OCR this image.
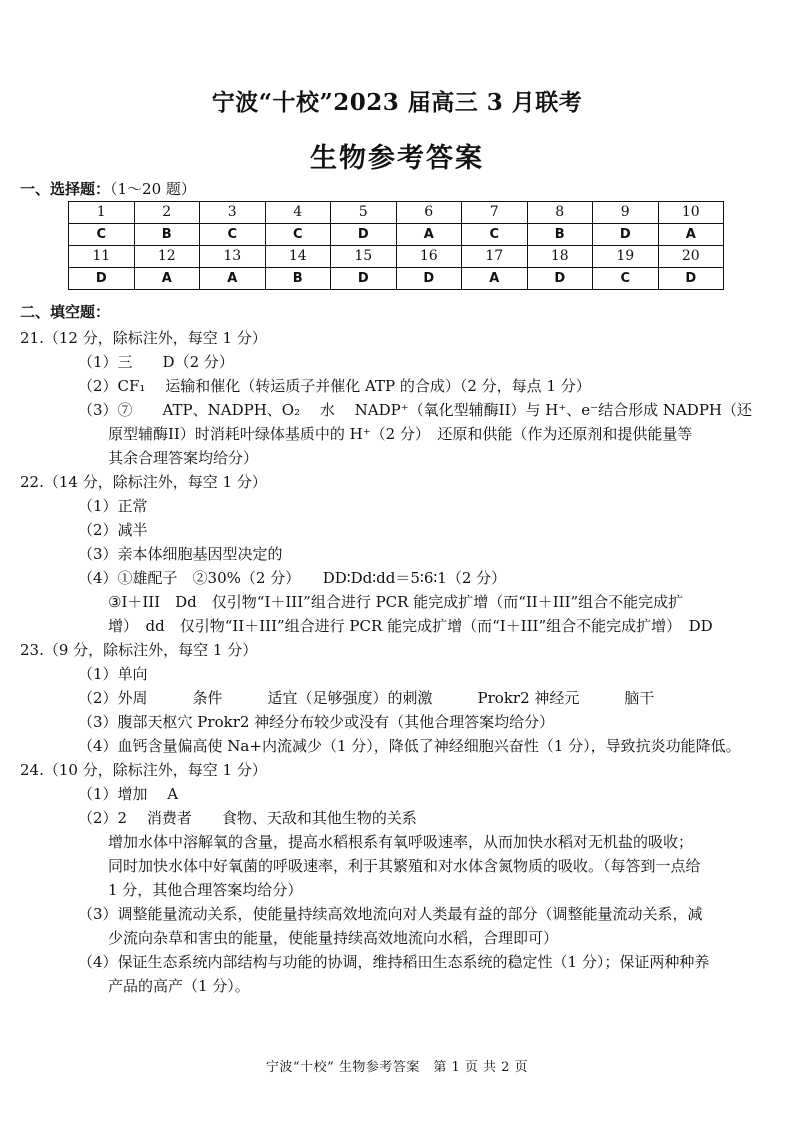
宁波“十校”2023 届高三 3 月联考
生物参考答案
一、选择题：（1～20 题）
1	2	3	4	5	6	7	8	9	10
C	B	C	C	D	A	C	B	D	A
11	12	13	14	15	16	17	18	19	20
D	A	A	B	D	D	A	D	C	D
二、填空题：
21.（12 分，除标注外，每空 1 分）
（1）三　　D（2 分）
（2）CF₁　 运输和催化（转运质子并催化 ATP 的合成）（2 分，每点 1 分）
（3）⑦　　ATP、NADPH、O₂　 水　 NADP⁺（氧化型辅酶II）与 H⁺、e⁻结合形成 NADPH（还
原型辅酶II）时消耗叶绿体基质中的 H⁺（2 分）　还原和供能（作为还原剂和提供能量等
其余合理答案均给分）
22.（14 分，除标注外，每空 1 分）
（1）正常
（2）减半
（3）亲本体细胞基因型决定的
（4）①雄配子　②30%（2 分）　　DD∶Dd∶dd＝5∶6∶1（2 分）
③I＋III　Dd　仅引物“I＋III”组合进行 PCR 能完成扩增（而“II＋III”组合不能完成扩
增）　dd　仅引物“II＋III”组合进行 PCR 能完成扩增（而“I＋III”组合不能完成扩增）　DD
23.（9 分，除标注外，每空 1 分）
（1）单向
（2）外周　　　条件　　　适宜（足够强度）的刺激　　　Prokr2 神经元　　　脑干
（3）腹部天枢穴 Prokr2 神经分布较少或没有（其他合理答案均给分）
（4）血钙含量偏高使 Na+内流减少（1 分），降低了神经细胞兴奋性（1 分），导致抗炎功能降低。
24.（10 分，除标注外，每空 1 分）
（1）增加　 A
（2）2　 消费者　　食物、天敌和其他生物的关系
增加水体中溶解氧的含量，提高水稻根系有氧呼吸速率，从而加快水稻对无机盐的吸收；
同时加快水体中好氧菌的呼吸速率，利于其繁殖和对水体含氮物质的吸收。（每答到一点给
1 分，其他合理答案均给分）
（3）调整能量流动关系，使能量持续高效地流向对人类最有益的部分（调整能量流动关系，减
少流向杂草和害虫的能量，使能量持续高效地流向水稻，合理即可）
（4）保证生态系统内部结构与功能的协调，维持稻田生态系统的稳定性（1 分）；保证两种种养
产品的高产（1 分）。
宁波“十校” 生物参考答案　第 1 页 共 2 页
